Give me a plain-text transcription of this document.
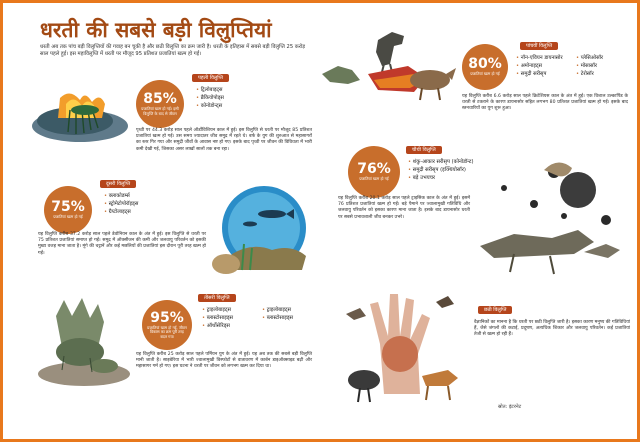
धरती की सबसे बड़ी विलुप्तियां
धरती अब तक पांच बड़ी विलुप्तियों की गवाह बन चुकी है और छठी विलुप्ति का क्रम जारी है। धरती के इतिहास में सबसे बड़ी विलुप्ति 25 करोड़ साल पहले हुई। इस महाविलुप्ति में धरती पर मौजूद 95 प्रतिशत प्रजातियां खत्म हो गईं।
85%
प्रजातियां खत्म हो गईं। इसी विलुप्ति के बाद से जीवन
पहली विलुप्ति
• ट्रिलोबाइट्स
• ब्रैकियोपोड्स
• कोनोडोन्ट्स
पृथ्वी पर 44.3 करोड़ साल पहले ऑर्डोविशियन काल में हुई। इस विलुप्ति से धरती पर मौजूद 85 प्रतिशत प्रजातियां खत्म हो गईं। उस समय ज्यादातर जीव समुद्र में रहते थे। बर्फ के युग की शुरुआत से महासागरों का स्तर गिर गया और समुद्री जीवों के आवास नष्ट हो गए। इसके बाद पृथ्वी पर जीवन की विविधता में भारी कमी देखी गई, जिसका असर लाखों सालों तक बना रहा।
75%
प्रजातियां खत्म हो गईं
दूसरी विलुप्ति
• क्लाकोडर्म्स
• स्ट्रोमेटोपोरॉइड्स
• ग्रैप्टोलाइट्स
यह विलुप्ति करीब 37.2 करोड़ साल पहले डेवोनियन काल के अंत में हुई। इस विलुप्ति से धरती पर 75 प्रतिशत प्रजातियां समाप्त हो गईं। समुद्र में ऑक्सीजन की कमी और जलवायु परिवर्तन को इसकी मुख्य वजह माना जाता है। मूंगे की चट्टानें और कई मछलियों की प्रजातियां इस दौरान पूरी तरह खत्म हो गईं।
95%
प्रजातियां खत्म हो गईं, जीवन विकास का क्रम पूरी तरह बदल गया
तीसरी विलुप्ति
• ट्राइलोबाइट्स
• ब्लास्टोसाइड्स
• ऑर्थोसेरिड्स
• ट्राइलोबाइट्स
• ब्लास्टोसाइड्स
यह विलुप्ति करीब 25 करोड़ साल पहले पर्मियन युग के अंत में हुई। यह अब तक की सबसे बड़ी विलुप्ति मानी जाती है। साइबेरिया में भारी ज्वालामुखी विस्फोटों से वातावरण में कार्बन डाइऑक्साइड बढ़ी और महासागर गर्म हो गए। इस घटना ने धरती पर जीवन को लगभग खत्म कर दिया था।
80%
प्रजातियां खत्म हो गईं
पांचवीं विलुप्ति
• नॉन-एवियन डायनासोर
• अमोनाइट्स
• समुद्री सरीसृप
• प्लेसिओसॉर
• मोसासॉर
• टेरोसॉर
यह विलुप्ति करीब 6.6 करोड़ साल पहले क्रिटेशियस काल के अंत में हुई। एक विशाल उल्कापिंड के धरती से टकराने के कारण डायनासोर सहित लगभग 80 प्रतिशत प्रजातियां खत्म हो गईं। इसके बाद स्तनधारियों का युग शुरू हुआ।
76%
प्रजातियां खत्म हो गईं
चौथी विलुप्ति
• शंकु-आकार सरीसृप (कोनोडॉन्ट)
• समुद्री सरीसृप (इक्थियोसॉर)
• बड़े उभयचर
यह विलुप्ति करीब 20.1 करोड़ साल पहले ट्राइसिक काल के अंत में हुई। इसमें 76 प्रतिशत प्रजातियां खत्म हो गईं। बड़े पैमाने पर ज्वालामुखी गतिविधि और जलवायु परिवर्तन को इसका कारण माना जाता है। इसके बाद डायनासोर धरती पर सबसे प्रभावशाली जीव बनकर उभरे।
छठी विलुप्ति
वैज्ञानिकों का मानना है कि धरती पर छठी विलुप्ति जारी है। इसका कारण मनुष्य की गतिविधियां हैं, जैसे जंगलों की कटाई, प्रदूषण, अत्यधिक शिकार और जलवायु परिवर्तन। कई प्रजातियां तेजी से खत्म हो रही हैं।
स्रोत: इंटरनेट
